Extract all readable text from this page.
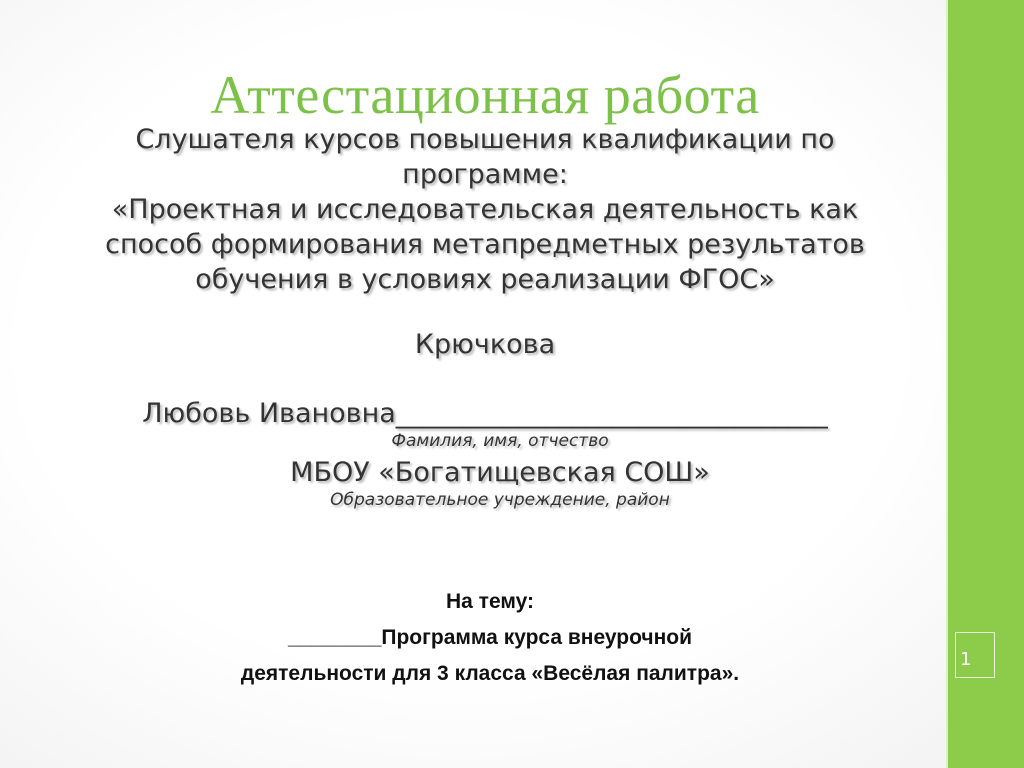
1
Аттестационная работа
Слушателя курсов повышения квалификации по
программе:
«Проектная и исследовательская деятельность как
способ формирования метапредметных результатов
обучения в условиях реализации ФГОС»
Крючкова
Любовь Ивановна________________________________
Фамилия, имя, отчество
МБОУ «Богатищевская СОШ»
Образовательное учреждение, район
На тему:
________Программа курса внеурочной
деятельности для 3 класса «Весёлая палитра».
